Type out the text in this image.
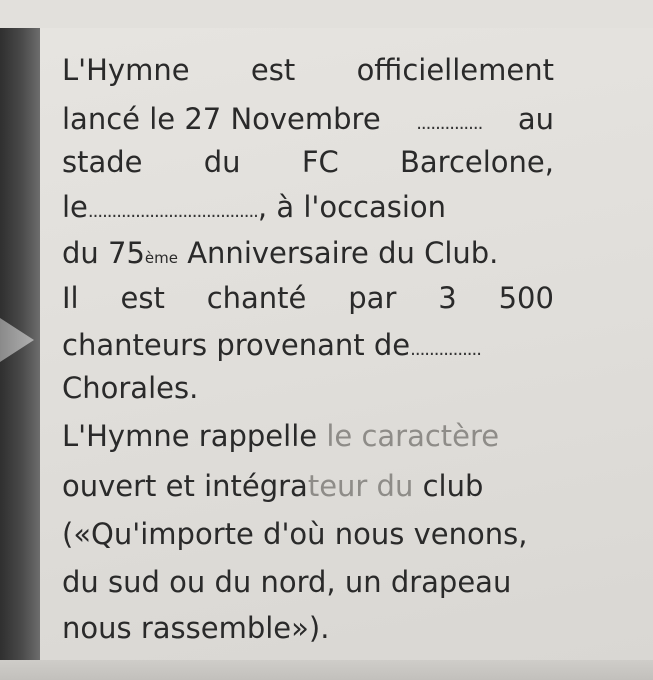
L'Hymne est officiellement
lancé le 27 Novembre .............. au
stade du FC Barcelone,
le .................................... , à l'occasion
du 75 ème Anniversaire du Club.
Il est chanté par 3 500
chanteurs provenant de ...............
Chorales.
L'Hymne rappelle le caractère
ouvert et intégra teur du club
(«Qu'importe d'où nous venons,
du sud ou du nord, un drapeau
nous rassemble»).
